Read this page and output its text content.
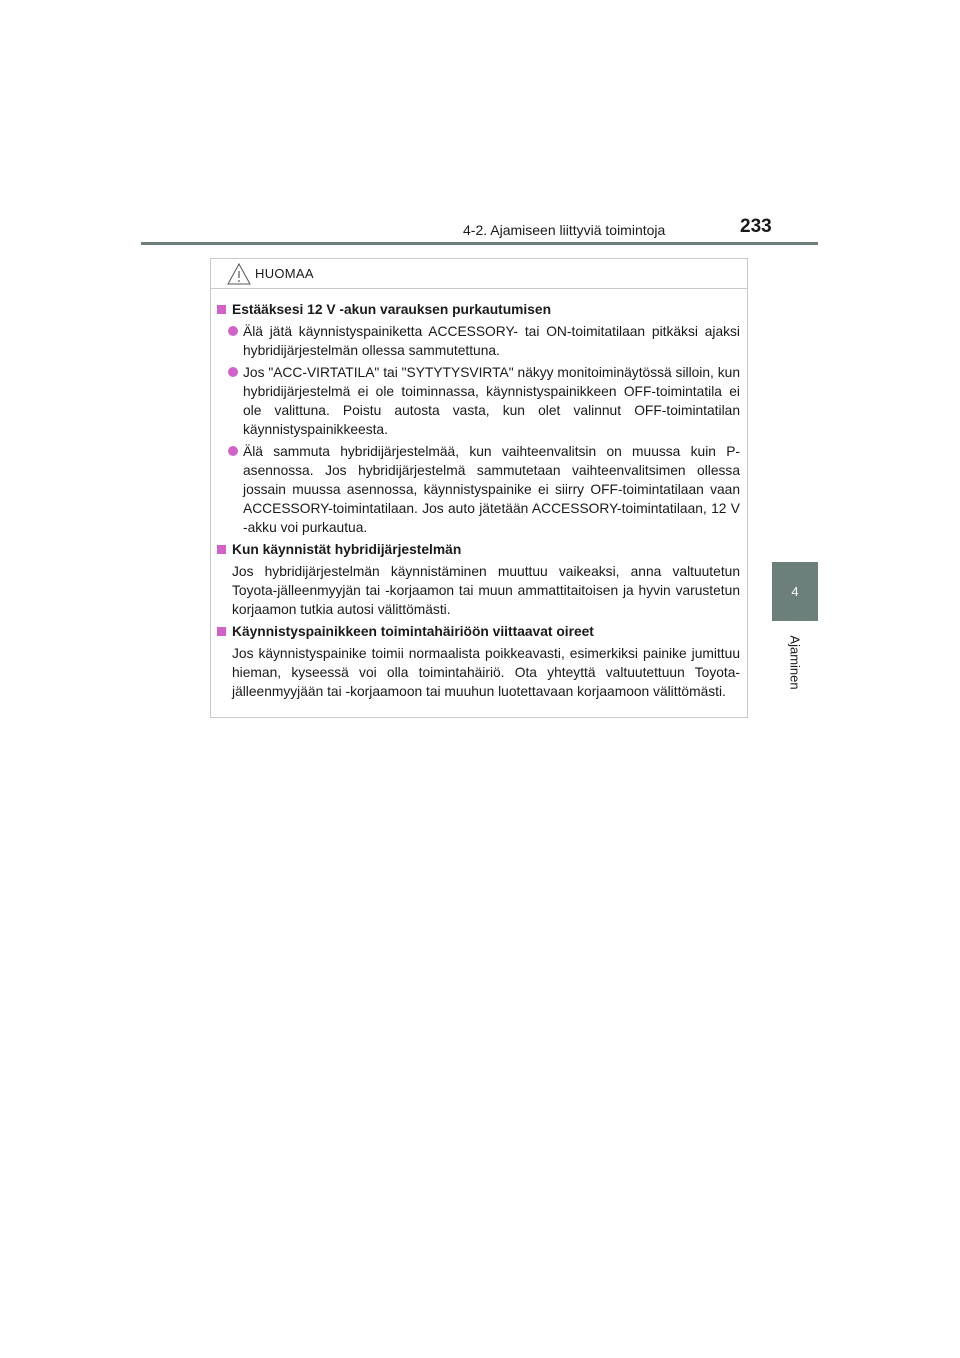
4-2. Ajamiseen liittyviä toimintoja	233
4
Ajaminen
HUOMAA
Estääksesi 12 V -akun varauksen purkautumisen
Älä jätä käynnistyspainiketta ACCESSORY- tai ON-toimitatilaan pitkäksi ajaksi hybridijärjestelmän ollessa sammutettuna.
Jos "ACC-VIRTATILA" tai "SYTYTYSVIRTA" näkyy monitoiminäytössä silloin, kun hybridijärjestelmä ei ole toiminnassa, käynnistyspainikkeen OFF-toimintatila ei ole valittuna. Poistu autosta vasta, kun olet valinnut OFF-toimintatilan käynnistyspainikkeesta.
Älä sammuta hybridijärjestelmää, kun vaihteenvalitsin on muussa kuin P-asennossa. Jos hybridijärjestelmä sammutetaan vaihteenvalitsimen ollessa jossain muussa asennossa, käynnistyspainike ei siirry OFF-toimintatilaan vaan ACCESSORY-toimintatilaan. Jos auto jätetään ACCESSORY-toimintatilaan, 12 V -akku voi purkautua.
Kun käynnistät hybridijärjestelmän
Jos hybridijärjestelmän käynnistäminen muuttuu vaikeaksi, anna valtuutetun Toyota-jälleenmyyjän tai -korjaamon tai muun ammattitaitoisen ja hyvin varustetun korjaamon tutkia autosi välittömästi.
Käynnistyspainikkeen toimintahäiriöön viittaavat oireet
Jos käynnistyspainike toimii normaalista poikkeavasti, esimerkiksi painike jumittuu hieman, kyseessä voi olla toimintahäiriö. Ota yhteyttä valtuutettuun Toyota-jälleenmyyjään tai -korjaamoon tai muuhun luotettavaan korjaamoon välittömästi.
